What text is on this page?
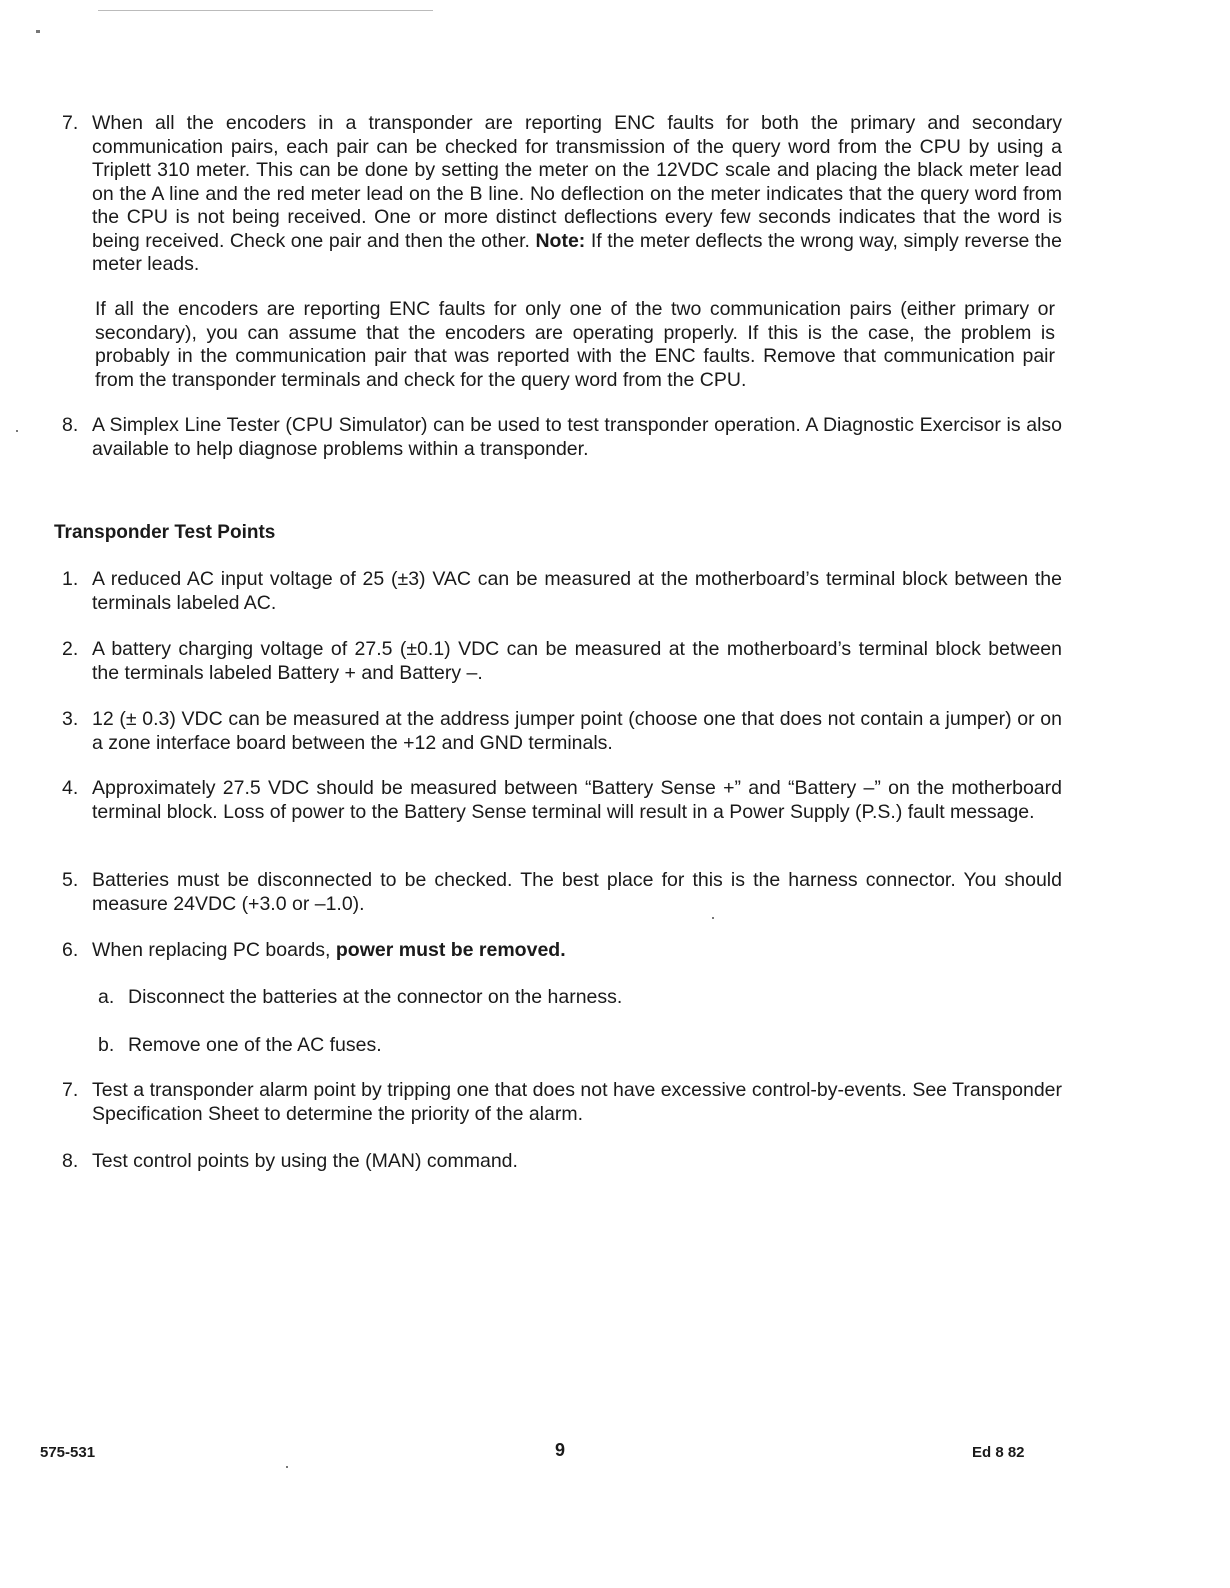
7. When all the encoders in a transponder are reporting ENC faults for both the primary and secondary communication pairs, each pair can be checked for transmission of the query word from the CPU by using a Triplett 310 meter. This can be done by setting the meter on the 12VDC scale and placing the black meter lead on the A line and the red meter lead on the B line. No deflection on the meter indicates that the query word from the CPU is not being received. One or more distinct deflections every few seconds indicates that the word is being received. Check one pair and then the other. Note: If the meter deflects the wrong way, simply reverse the meter leads.
If all the encoders are reporting ENC faults for only one of the two communication pairs (either primary or secondary), you can assume that the encoders are operating properly. If this is the case, the problem is probably in the communication pair that was reported with the ENC faults. Remove that communication pair from the transponder terminals and check for the query word from the CPU.
8. A Simplex Line Tester (CPU Simulator) can be used to test transponder operation. A Diagnostic Exercisor is also available to help diagnose problems within a transponder.
Transponder Test Points
1. A reduced AC input voltage of 25 (±3) VAC can be measured at the motherboard’s terminal block between the terminals labeled AC.
2. A battery charging voltage of 27.5 (±0.1) VDC can be measured at the motherboard’s terminal block between the terminals labeled Battery + and Battery –.
3. 12 (± 0.3) VDC can be measured at the address jumper point (choose one that does not contain a jumper) or on a zone interface board between the +12 and GND terminals.
4. Approximately 27.5 VDC should be measured between “Battery Sense +” and “Battery –” on the motherboard terminal block. Loss of power to the Battery Sense terminal will result in a Power Supply (P.S.) fault message.
5. Batteries must be disconnected to be checked. The best place for this is the harness connector. You should measure 24VDC (+3.0 or –1.0).
6. When replacing PC boards, power must be removed.
a. Disconnect the batteries at the connector on the harness.
b. Remove one of the AC fuses.
7. Test a transponder alarm point by tripping one that does not have excessive control-by-events. See Transponder Specification Sheet to determine the priority of the alarm.
8. Test control points by using the (MAN) command.
575-531	9	Ed 8 82
